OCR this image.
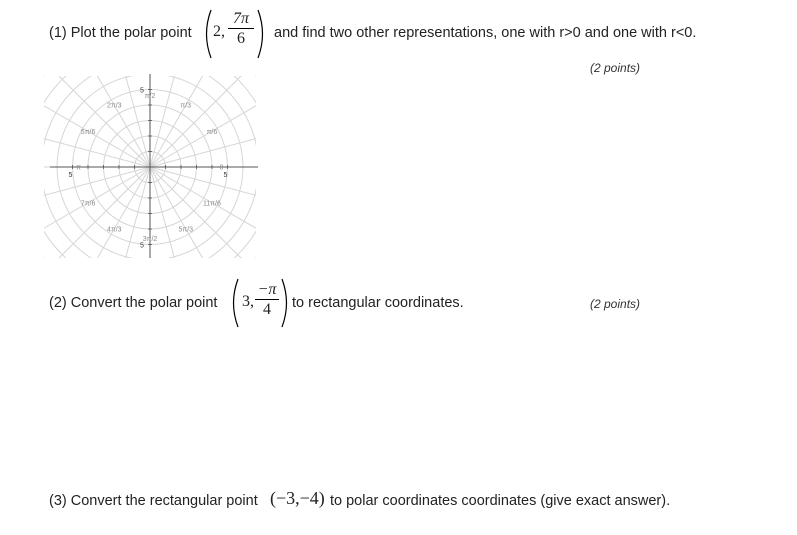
(1) Plot the polar point 2,
7π
6	and find two other representations, one with r>0 and one with r<0.
(2 points)
π/2
π/3
π/6
0
11π/6
5π/3
3π/2
4π/3
7π/6
π
5π/6
2π/3
5
5
5
5
(2) Convert the polar point 3,
−π
4	to rectangular coordinates.	(2 points)
(3) Convert the rectangular point (−3,−4) to polar coordinates coordinates (give exact answer).
